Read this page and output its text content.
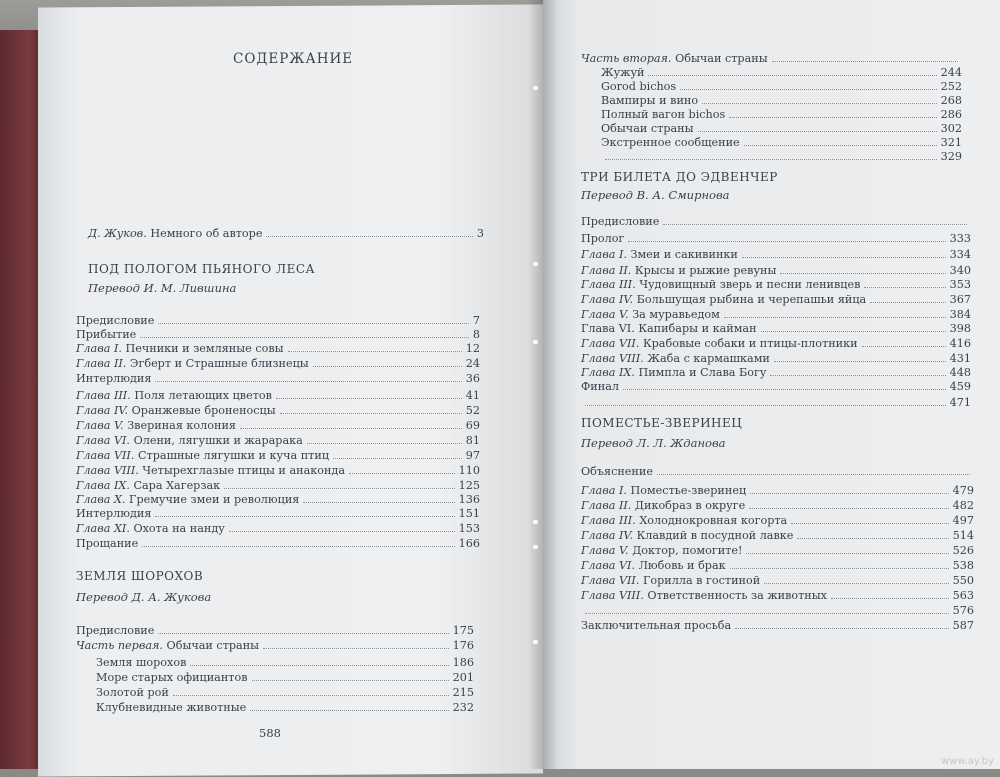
СОДЕРЖАНИЕ
Д. Жуков. Немного об авторе	3
ПОД ПОЛОГОМ ПЬЯНОГО ЛЕСА
Перевод И. М. Лившина
ЗЕМЛЯ ШОРОХОВ
Перевод Д. А. Жукова
ТРИ БИЛЕТА ДО ЭДВЕНЧЕР
Перевод В. А. Смирнова
ПОМЕСТЬЕ-ЗВЕРИНЕЦ
Перевод Л. Л. Жданова
588
Предисловие	7
Прибытие	8
Глава I. Печники и земляные совы	12
Глава II. Эгберт и Страшные близнецы	24
Интерлюдия	36
Глава III. Поля летающих цветов	41
Глава IV. Оранжевые броненосцы	52
Глава V. Звериная колония	69
Глава VI. Олени, лягушки и жарарака	81
Глава VII. Страшные лягушки и куча птиц	97
Глава VIII. Четырехглазые птицы и анаконда	110
Глава IX. Сара Хагерзак	125
Глава X. Гремучие змеи и революция	136
Интерлюдия	151
Глава XI. Охота на нанду	153
Прощание	166
Предисловие	175
Часть первая. Обычаи страны	176
Земля шорохов	186
Море старых официантов	201
Золотой рой	215
Клубневидные животные	232
Часть вторая. Обычаи страны
Жужуй	244
Gorod bichos	252
Вампиры и вино	268
Полный вагон bichos	286
Обычаи страны	302
Экстренное сообщение	321
329
Предисловие
Пролог	333
Глава I. Змеи и сакивинки	334
Глава II. Крысы и рыжие ревуны	340
Глава III. Чудовищный зверь и песни ленивцев	353
Глава IV. Большущая рыбина и черепашьи яйца	367
Глава V. За муравьедом	384
Глава VI. Капибары и кайман	398
Глава VII. Крабовые собаки и птицы-плотники	416
Глава VIII. Жаба с кармашками	431
Глава IX. Пимпла и Слава Богу	448
Финал	459
471
Объяснение
Глава I. Поместье-зверинец	479
Глава II. Дикобраз в округе	482
Глава III. Холоднокровная когорта	497
Глава IV. Клавдий в посудной лавке	514
Глава V. Доктор, помогите!	526
Глава VI. Любовь и брак	538
Глава VII. Горилла в гостиной	550
Глава VIII. Ответственность за животных	563
576
Заключительная просьба	587
www.ay.by
